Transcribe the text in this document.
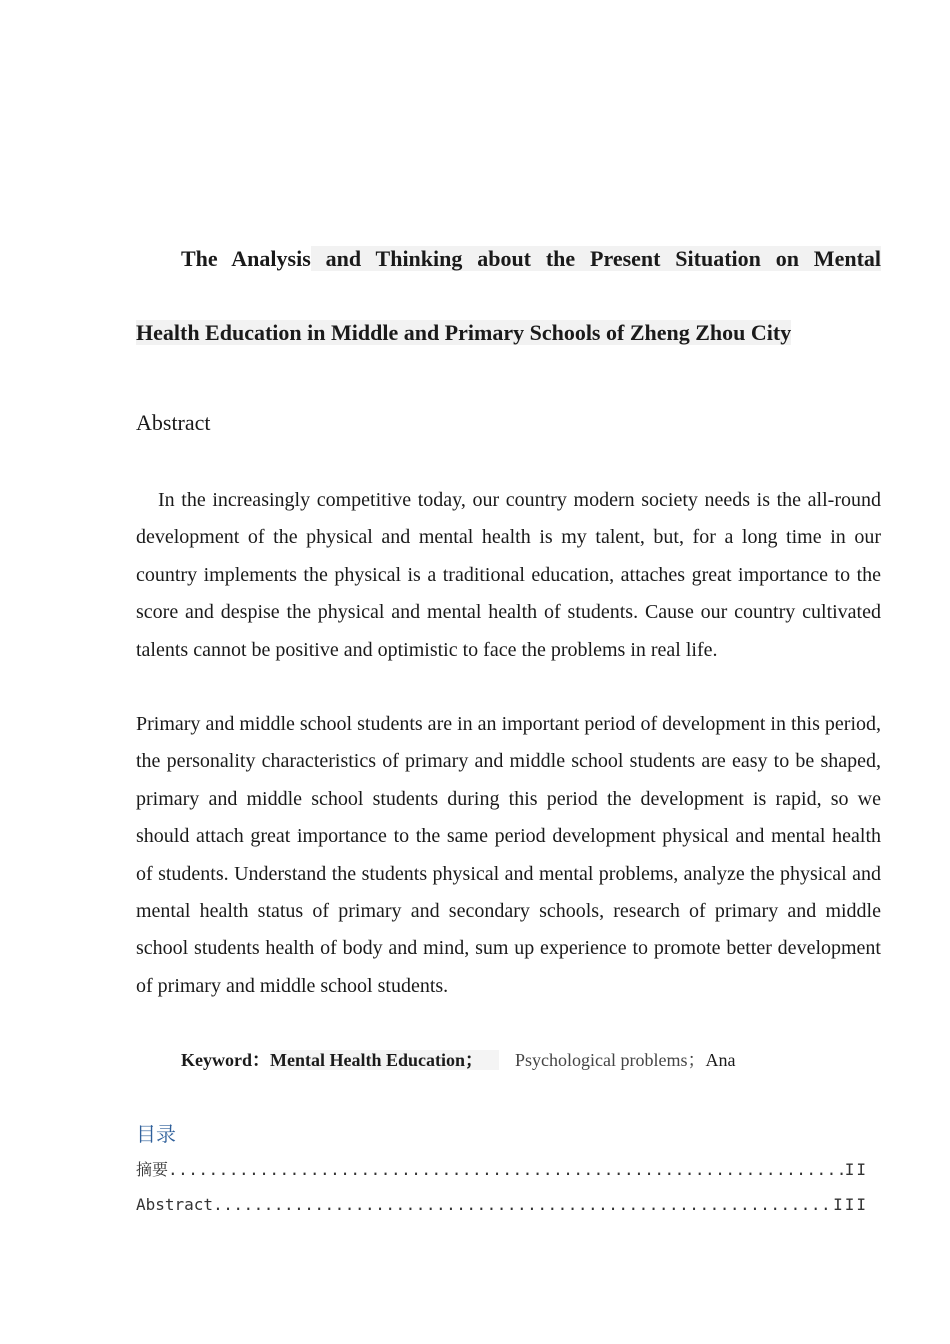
The Analysis and Thinking about the Present Situation on Mental
Health Education in Middle and Primary Schools of Zheng Zhou City
Abstract

In the increasingly competitive today, our country modern society needs is the all-round development of the physical and mental health is my talent, but, for a long time in our country implements the physical is a traditional education, attaches great importance to the score and despise the physical and mental health of students. Cause our country cultivated talents cannot be positive and optimistic to face the problems in real life.

Primary and middle school students are in an important period of development in this period, the personality characteristics of primary and middle school students are easy to be shaped, primary and middle school students during this period the development is rapid, so we should attach great importance to the same period development physical and mental health of students. Understand the students physical and mental problems, analyze the physical and mental health status of primary and secondary schools, research of primary and middle school students health of body and mind, sum up experience to promote better development of primary and middle school students.

Keyword：Mental Health Education； Psychological problems；Ana
目录
摘要 .....	II
Abstract .....	III
